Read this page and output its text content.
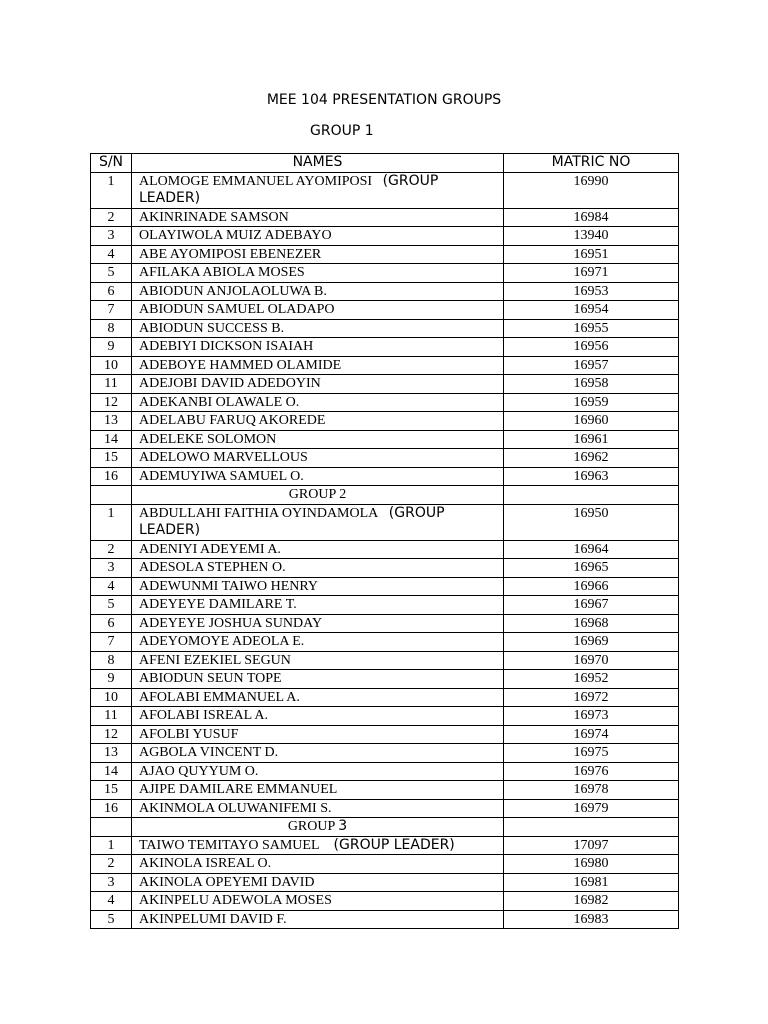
MEE 104 PRESENTATION GROUPS
GROUP 1
S/N	NAMES	MATRIC NO
1	ALOMOGE EMMANUEL AYOMIPOSI (GROUP
LEADER)	16990
2	AKINRINADE SAMSON	16984
3	OLAYIWOLA MUIZ ADEBAYO	13940
4	ABE AYOMIPOSI EBENEZER	16951
5	AFILAKA ABIOLA MOSES	16971
6	ABIODUN ANJOLAOLUWA B.	16953
7	ABIODUN SAMUEL OLADAPO	16954
8	ABIODUN SUCCESS B.	16955
9	ADEBIYI DICKSON ISAIAH	16956
10	ADEBOYE HAMMED OLAMIDE	16957
11	ADEJOBI DAVID ADEDOYIN	16958
12	ADEKANBI OLAWALE O.	16959
13	ADELABU FARUQ AKOREDE	16960
14	ADELEKE SOLOMON	16961
15	ADELOWO MARVELLOUS	16962
16	ADEMUYIWA SAMUEL O.	16963
	GROUP 2	
1	ABDULLAHI FAITHIA OYINDAMOLA (GROUP
LEADER)	16950
2	ADENIYI ADEYEMI A.	16964
3	ADESOLA STEPHEN O.	16965
4	ADEWUNMI TAIWO HENRY	16966
5	ADEYEYE DAMILARE T.	16967
6	ADEYEYE JOSHUA SUNDAY	16968
7	ADEYOMOYE ADEOLA E.	16969
8	AFENI EZEKIEL SEGUN	16970
9	ABIODUN SEUN TOPE	16952
10	AFOLABI EMMANUEL A.	16972
11	AFOLABI ISREAL A.	16973
12	AFOLBI YUSUF	16974
13	AGBOLA VINCENT D.	16975
14	AJAO QUYYUM O.	16976
15	AJIPE DAMILARE EMMANUEL	16978
16	AKINMOLA OLUWANIFEMI S.	16979
	GROUP 3	
1	TAIWO TEMITAYO SAMUEL (GROUP LEADER)	17097
2	AKINOLA ISREAL O.	16980
3	AKINOLA OPEYEMI DAVID	16981
4	AKINPELU ADEWOLA MOSES	16982
5	AKINPELUMI DAVID F.	16983
